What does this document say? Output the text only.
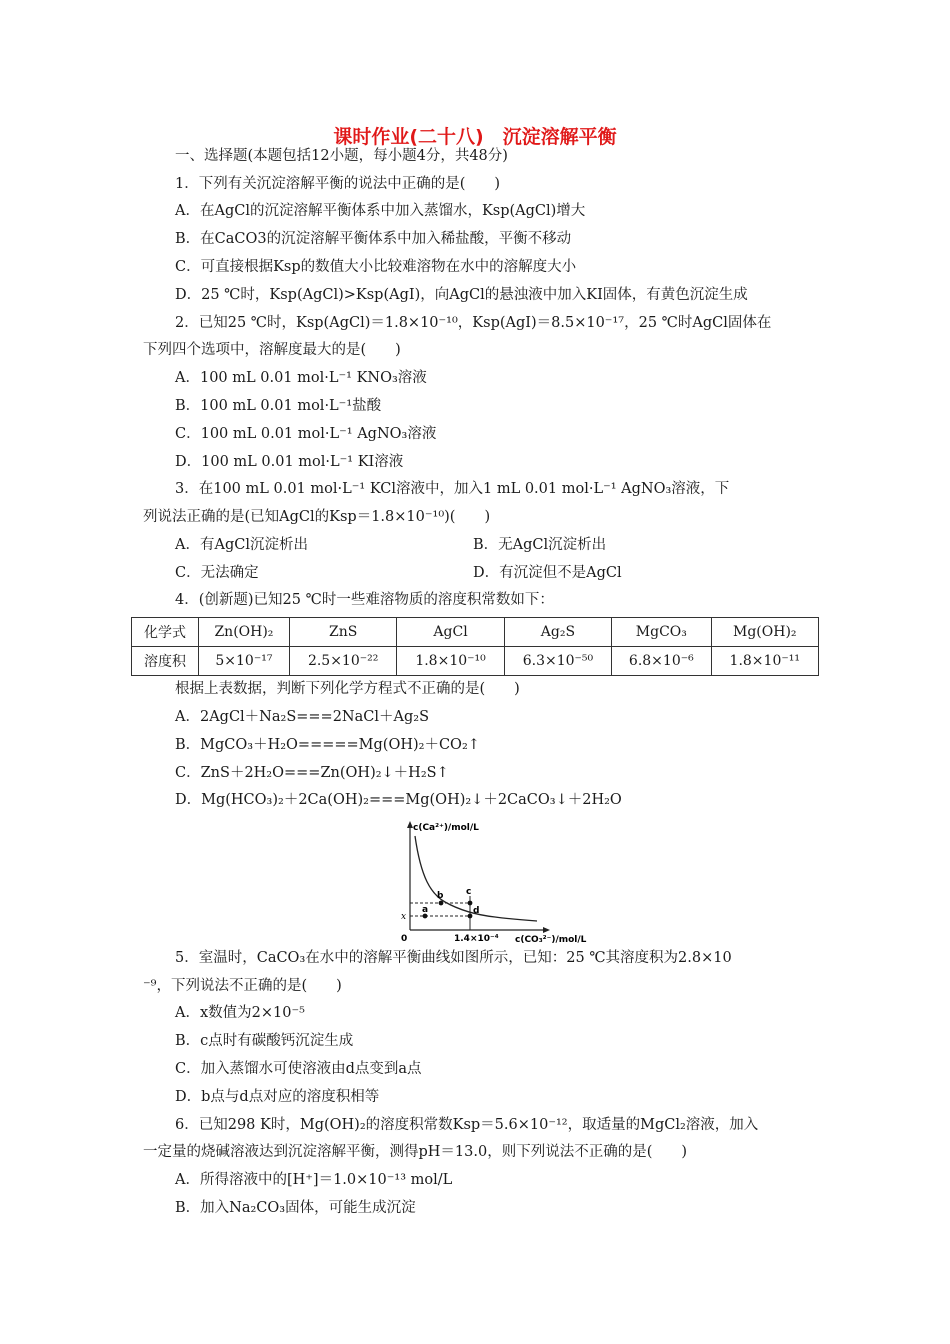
课时作业(二十八)　沉淀溶解平衡
一、选择题(本题包括12小题，每小题4分，共48分)
1．下列有关沉淀溶解平衡的说法中正确的是(　　)
A．在AgCl的沉淀溶解平衡体系中加入蒸馏水，Ksp(AgCl)增大
B．在CaCO3的沉淀溶解平衡体系中加入稀盐酸，平衡不移动
C．可直接根据Ksp的数值大小比较难溶物在水中的溶解度大小
D．25 ℃时，Ksp(AgCl)>Ksp(AgI)，向AgCl的悬浊液中加入KI固体，有黄色沉淀生成
2．已知25 ℃时，Ksp(AgCl)＝1.8×10⁻¹⁰，Ksp(AgI)＝8.5×10⁻¹⁷，25 ℃时AgCl固体在
下列四个选项中，溶解度最大的是(　　)
A．100 mL 0.01 mol·L⁻¹ KNO₃溶液
B．100 mL 0.01 mol·L⁻¹盐酸
C．100 mL 0.01 mol·L⁻¹ AgNO₃溶液
D．100 mL 0.01 mol·L⁻¹ KI溶液
3．在100 mL 0.01 mol·L⁻¹ KCl溶液中，加入1 mL 0.01 mol·L⁻¹ AgNO₃溶液，下
列说法正确的是(已知AgCl的Ksp＝1.8×10⁻¹⁰)(　　)
A．有AgCl沉淀析出	B．无AgCl沉淀析出
C．无法确定	D．有沉淀但不是AgCl
4．(创新题)已知25 ℃时一些难溶物质的溶度积常数如下：
化学式	Zn(OH)₂	ZnS	AgCl	Ag₂S	MgCO₃	Mg(OH)₂
溶度积	5×10⁻¹⁷	2.5×10⁻²²	1.8×10⁻¹⁰	6.3×10⁻⁵⁰	6.8×10⁻⁶	1.8×10⁻¹¹
根据上表数据，判断下列化学方程式不正确的是(　　)
A．2AgCl＋Na₂S===2NaCl＋Ag₂S
B．MgCO₃＋H₂O=====Mg(OH)₂＋CO₂↑
C．ZnS＋2H₂O===Zn(OH)₂↓＋H₂S↑
D．Mg(HCO₃)₂＋2Ca(OH)₂===Mg(OH)₂↓＋2CaCO₃↓＋2H₂O
c(Ca²⁺)/mol/L
c(CO₃²⁻)/mol/L
1.4×10⁻⁴
0
x
a
b	c
d
5．室温时，CaCO₃在水中的溶解平衡曲线如图所示，已知：25 ℃其溶度积为2.8×10
⁻⁹，下列说法不正确的是(　　)
A．x数值为2×10⁻⁵
B．c点时有碳酸钙沉淀生成
C．加入蒸馏水可使溶液由d点变到a点
D．b点与d点对应的溶度积相等
6．已知298 K时，Mg(OH)₂的溶度积常数Ksp＝5.6×10⁻¹²，取适量的MgCl₂溶液，加入
一定量的烧碱溶液达到沉淀溶解平衡，测得pH＝13.0，则下列说法不正确的是(　　)
A．所得溶液中的[H⁺]＝1.0×10⁻¹³ mol/L
B．加入Na₂CO₃固体，可能生成沉淀
